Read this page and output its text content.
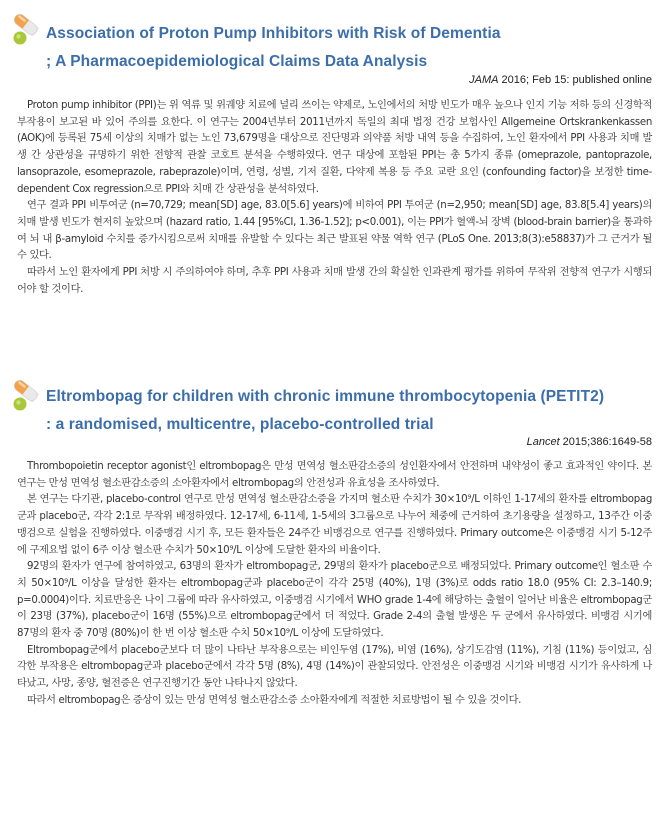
Association of Proton Pump Inhibitors with Risk of Dementia
; A Pharmacoepidemiological Claims Data Analysis
JAMA 2016; Feb 15: published online

Proton pump inhibitor (PPI)는 위 역류 및 위궤양 치료에 널리 쓰이는 약제로, 노인에서의 처방 빈도가 매우 높으나 인지 기능 저하 등의 신경학적 부작용이 보고된 바 있어 주의를 요한다. 이 연구는 2004년부터 2011년까지 독일의 최대 법정 건강 보험사인 Allgemeine Ortskrankenkassen (AOK)에 등록된 75세 이상의 치매가 없는 노인 73,679명을 대상으로 진단명과 의약품 처방 내역 등을 수집하여, 노인 환자에서 PPI 사용과 치매 발생 간 상관성을 규명하기 위한 전향적 관찰 코호트 분석을 수행하였다. 연구 대상에 포함된 PPI는 총 5가지 종류 (omeprazole, pantoprazole, lansoprazole, esomeprazole, rabeprazole)이며, 연령, 성별, 기저 질환, 다약제 복용 등 주요 교란 요인 (confounding factor)을 보정한 time-dependent Cox regression으로 PPI와 치매 간 상관성을 분석하였다.

연구 결과 PPI 비투여군 (n=70,729; mean[SD] age, 83.0[5.6] years)에 비하여 PPI 투여군 (n=2,950; mean[SD] age, 83.8[5.4] years)의 치매 발생 빈도가 현저히 높았으며 (hazard ratio, 1.44 [95%CI, 1.36-1.52]; p<0.001), 이는 PPI가 혈액-뇌 장벽 (blood-brain barrier)을 통과하여 뇌 내 β-amyloid 수치를 증가시킴으로써 치매를 유발할 수 있다는 최근 발표된 약물 역학 연구 (PLoS One. 2013;8(3):e58837)가 그 근거가 될 수 있다.

따라서 노인 환자에게 PPI 처방 시 주의하여야 하며, 추후 PPI 사용과 치매 발생 간의 확실한 인과관계 평가를 위하여 무작위 전향적 연구가 시행되어야 할 것이다.

Eltrombopag for children with chronic immune thrombocytopenia (PETIT2)
: a randomised, multicentre, placebo-controlled trial
Lancet 2015;386:1649-58

Thrombopoietin receptor agonist인 eltrombopag은 만성 면역성 혈소판감소증의 성인환자에서 안전하며 내약성이 좋고 효과적인 약이다. 본 연구는 만성 면역성 혈소판감소증의 소아환자에서 eltrombopag의 안전성과 유효성을 조사하였다.

본 연구는 다기관, placebo-control 연구로 만성 면역성 혈소판감소증을 가지며 혈소판 수치가 30×10⁹/L 이하인 1-17세의 환자를 eltrombopag군과 placebo군, 각각 2:1로 무작위 배정하였다. 12-17세, 6-11세, 1-5세의 3그룹으로 나누어 체중에 근거하여 초기용량을 설정하고, 13주간 이중맹검으로 실험을 진행하였다. 이중맹검 시기 후, 모든 환자들은 24주간 비맹검으로 연구를 진행하였다. Primary outcome은 이중맹검 시기 5-12주에 구제요법 없이 6주 이상 혈소판 수치가 50×10⁹/L 이상에 도달한 환자의 비율이다.

92명의 환자가 연구에 참여하였고, 63명의 환자가 eltrombopag군, 29명의 환자가 placebo군으로 배정되었다. Primary outcome인 혈소판 수치 50×10⁹/L 이상을 달성한 환자는 eltrombopag군과 placebo군이 각각 25명 (40%), 1명 (3%)로 odds ratio 18.0 (95% CI: 2.3–140.9; p=0.0004)이다. 치료반응은 나이 그룹에 따라 유사하였고, 이중맹검 시기에서 WHO grade 1-4에 해당하는 출혈이 일어난 비율은 eltrombopag군이 23명 (37%), placebo군이 16명 (55%)으로 eltrombopag군에서 더 적었다. Grade 2-4의 출혈 발생은 두 군에서 유사하였다. 비맹검 시기에 87명의 환자 중 70명 (80%)이 한 번 이상 혈소판 수치 50×10⁹/L 이상에 도달하였다.

Eltrombopag군에서 placebo군보다 더 많이 나타난 부작용으로는 비인두염 (17%), 비염 (16%), 상기도감염 (11%), 기침 (11%) 등이었고, 심각한 부작용은 eltrombopag군과 placebo군에서 각각 5명 (8%), 4명 (14%)이 관찰되었다. 안전성은 이중맹검 시기와 비맹검 시기가 유사하게 나타났고, 사망, 종양, 혈전증은 연구진행기간 동안 나타나지 않았다.

따라서 eltrombopag은 증상이 있는 만성 면역성 혈소판감소증 소아환자에게 적절한 치료방법이 될 수 있을 것이다.
